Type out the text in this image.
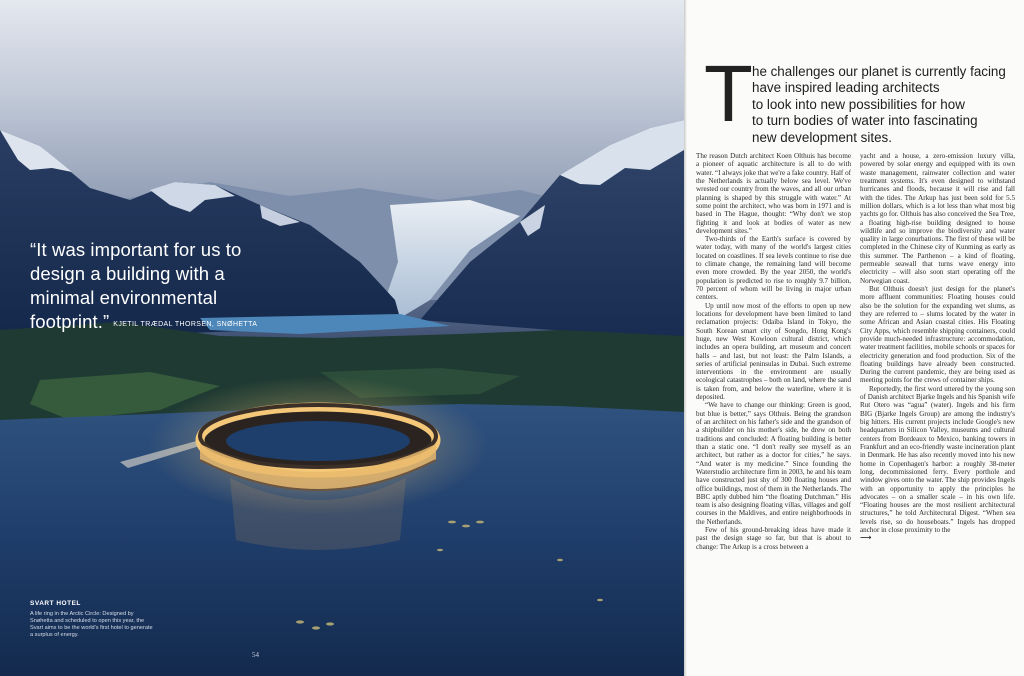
“It was important for us to design a building with a minimal environmental footprint.” KJETIL TRÆDAL THORSEN, SNØHETTA
SVART HOTEL
A life ring in the Arctic Circle: Designed by Snøhetta and scheduled to open this year, the Svart aims to be the world's first hotel to generate a surplus of energy.
54
T he challenges our planet is currently facing
have inspired leading architects
to look into new possibilities for how
to turn bodies of water into fascinating
new development sites.

The reason Dutch architect Koen Olthuis has become a pioneer of aquatic architecture is all to do with water. “I always joke that we're a fake country. Half of the Netherlands is actually below sea level. We've wrested our country from the waves, and all our urban planning is shaped by this struggle with water.” At some point the architect, who was born in 1971 and is based in The Hague, thought: “Why don't we stop fighting it and look at bodies of water as new development sites.”

Two-thirds of the Earth's surface is covered by water today, with many of the world's largest cities located on coastlines. If sea levels continue to rise due to climate change, the remaining land will become even more crowded. By the year 2050, the world's population is predicted to rise to roughly 9.7 billion, 70 percent of whom will be living in major urban centers.

Up until now most of the efforts to open up new locations for development have been limited to land reclamation projects: Odaiba Island in Tokyo, the South Korean smart city of Songdo, Hong Kong's huge, new West Kowloon cultural district, which includes an opera building, art museum and concert halls – and last, but not least: the Palm Islands, a series of artificial peninsulas in Dubai. Such extreme interventions in the environment are usually ecological catastrophes – both on land, where the sand is taken from, and below the waterline, where it is deposited.

“We have to change our thinking: Green is good, but blue is better,” says Olthuis. Being the grandson of an architect on his father's side and the grandson of a shipbuilder on his mother's side, he drew on both traditions and concluded: A floating building is better than a static one. “I don't really see myself as an architect, but rather as a doctor for cities,” he says. “And water is my medicine.” Since founding the Waterstudio architecture firm in 2003, he and his team have constructed just shy of 300 floating houses and office buildings, most of them in the Netherlands. The BBC aptly dubbed him “the floating Dutchman.” His team is also designing floating villas, villages and golf courses in the Maldives, and entire neighborhoods in the Netherlands.

Few of his ground-breaking ideas have made it past the design stage so far, but that is about to change: The Arkup is a cross between a

yacht and a house, a zero-emission luxury villa, powered by solar energy and equipped with its own waste management, rainwater collection and water treatment systems. It's even designed to withstand hurricanes and floods, because it will rise and fall with the tides. The Arkup has just been sold for 5.5 million dollars, which is a lot less than what most big yachts go for. Olthuis has also conceived the Sea Tree, a floating high-rise building designed to house wildlife and so improve the biodiversity and water quality in large conurbations. The first of these will be completed in the Chinese city of Kunming as early as this summer. The Parthenon – a kind of floating, permeable seawall that turns wave energy into electricity – will also soon start operating off the Norwegian coast.

But Olthuis doesn't just design for the planet's more affluent communities: Floating houses could also be the solution for the expanding wet slums, as they are referred to – slums located by the water in some African and Asian coastal cities. His Floating City Apps, which resemble shipping containers, could provide much-needed infrastructure: accommodation, water treatment facilities, mobile schools or spaces for electricity generation and food production. Six of the floating buildings have already been constructed. During the current pandemic, they are being used as meeting points for the crews of container ships.

Reportedly, the first word uttered by the young son of Danish architect Bjarke Ingels and his Spanish wife Rut Otero was “agua” (water). Ingels and his firm BIG (Bjarke Ingels Group) are among the industry's big hitters. His current projects include Google's new headquarters in Silicon Valley, museums and cultural centers from Bordeaux to Mexico, banking towers in Frankfurt and an eco-friendly waste incineration plant in Denmark. He has also recently moved into his new home in Copenhagen's harbor: a roughly 38-meter long, decommissioned ferry. Every porthole and window gives onto the water. The ship provides Ingels with an opportunity to apply the principles he advocates – on a smaller scale – in his own life. “Floating houses are the most resilient architectural structures,” he told Architectural Digest. “When sea levels rise, so do houseboats.” Ingels has dropped anchor in close proximity to the

⟶
